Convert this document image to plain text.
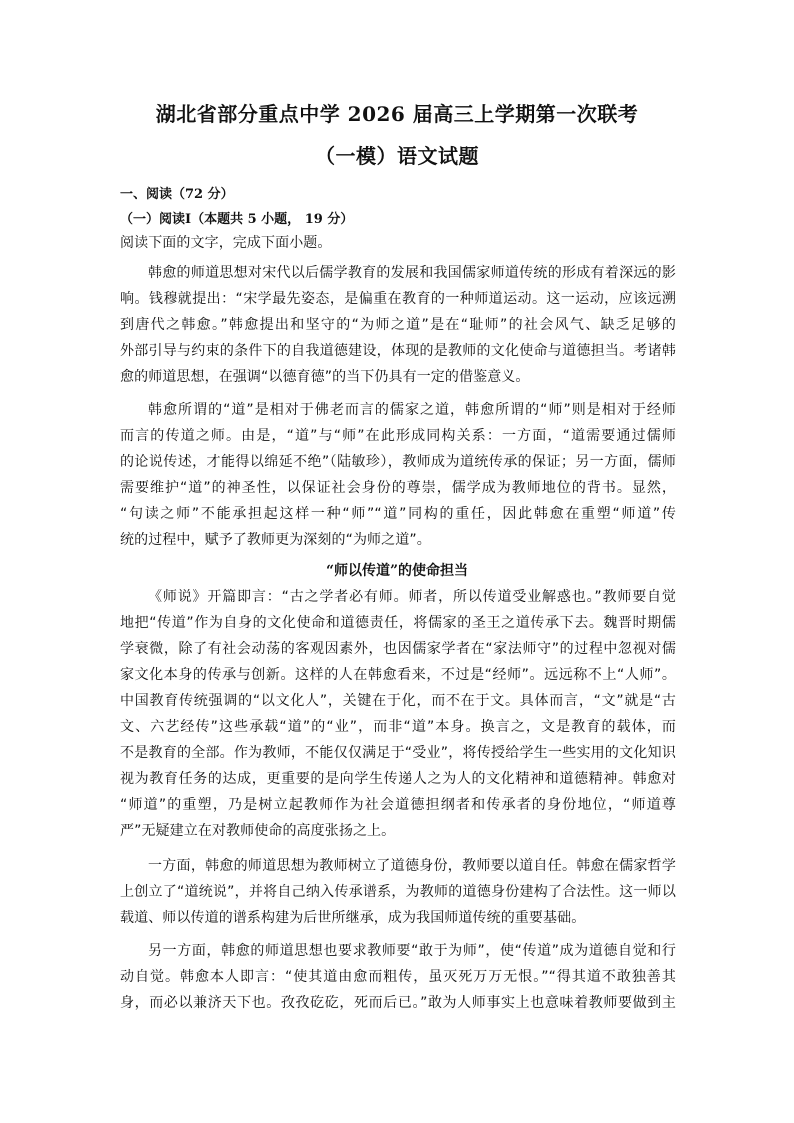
湖北省部分重点中学 2026 届高三上学期第一次联考
（一模）语文试题
一、阅读（72 分）
（一）阅读Ⅰ（本题共 5 小题， 19 分）
阅读下面的文字，完成下面小题。
韩愈的师道思想对宋代以后儒学教育的发展和我国儒家师道传统的形成有着深远的影
响。钱穆就提出：“宋学最先姿态，是偏重在教育的一种师道运动。这一运动，应该远溯
到唐代之韩愈。”韩愈提出和坚守的“为师之道”是在“耻师”的社会风气、缺乏足够的
外部引导与约束的条件下的自我道德建设，体现的是教师的文化使命与道德担当。考诸韩
愈的师道思想，在强调“以德育德”的当下仍具有一定的借鉴意义。
韩愈所谓的“道”是相对于佛老而言的儒家之道，韩愈所谓的“师”则是相对于经师
而言的传道之师。由是，“道”与“师”在此形成同构关系：一方面，“道需要通过儒师
的论说传述，才能得以绵延不绝”（陆敏珍），教师成为道统传承的保证；另一方面，儒师
需要维护“道”的神圣性，以保证社会身份的尊崇，儒学成为教师地位的背书。显然，
“句读之师”不能承担起这样一种“师”“道”同构的重任，因此韩愈在重塑“师道”传
统的过程中，赋予了教师更为深刻的“为师之道”。
“师以传道”的使命担当
《师说》开篇即言：“古之学者必有师。师者，所以传道受业解惑也。”教师要自觉
地把“传道”作为自身的文化使命和道德责任，将儒家的圣王之道传承下去。魏晋时期儒
学衰微，除了有社会动荡的客观因素外，也因儒家学者在“家法师守”的过程中忽视对儒
家文化本身的传承与创新。这样的人在韩愈看来，不过是“经师”。远远称不上“人师”。
中国教育传统强调的“以文化人”，关键在于化，而不在于文。具体而言，“文”就是“古
文、六艺经传”这些承载“道”的“业”，而非“道”本身。换言之，文是教育的载体，而
不是教育的全部。作为教师，不能仅仅满足于“受业”，将传授给学生一些实用的文化知识
视为教育任务的达成，更重要的是向学生传递人之为人的文化精神和道德精神。韩愈对
“师道”的重塑，乃是树立起教师作为社会道德担纲者和传承者的身份地位，“师道尊
严”无疑建立在对教师使命的高度张扬之上。
一方面，韩愈的师道思想为教师树立了道德身份，教师要以道自任。韩愈在儒家哲学
上创立了“道统说”，并将自己纳入传承谱系，为教师的道德身份建构了合法性。这一师以
载道、师以传道的谱系构建为后世所继承，成为我国师道传统的重要基础。
另一方面，韩愈的师道思想也要求教师要“敢于为师”，使“传道”成为道德自觉和行
动自觉。韩愈本人即言：“使其道由愈而粗传，虽灭死万万无恨。”“得其道不敢独善其
身，而必以兼济天下也。孜孜矻矻，死而后已。”敢为人师事实上也意味着教师要做到主
